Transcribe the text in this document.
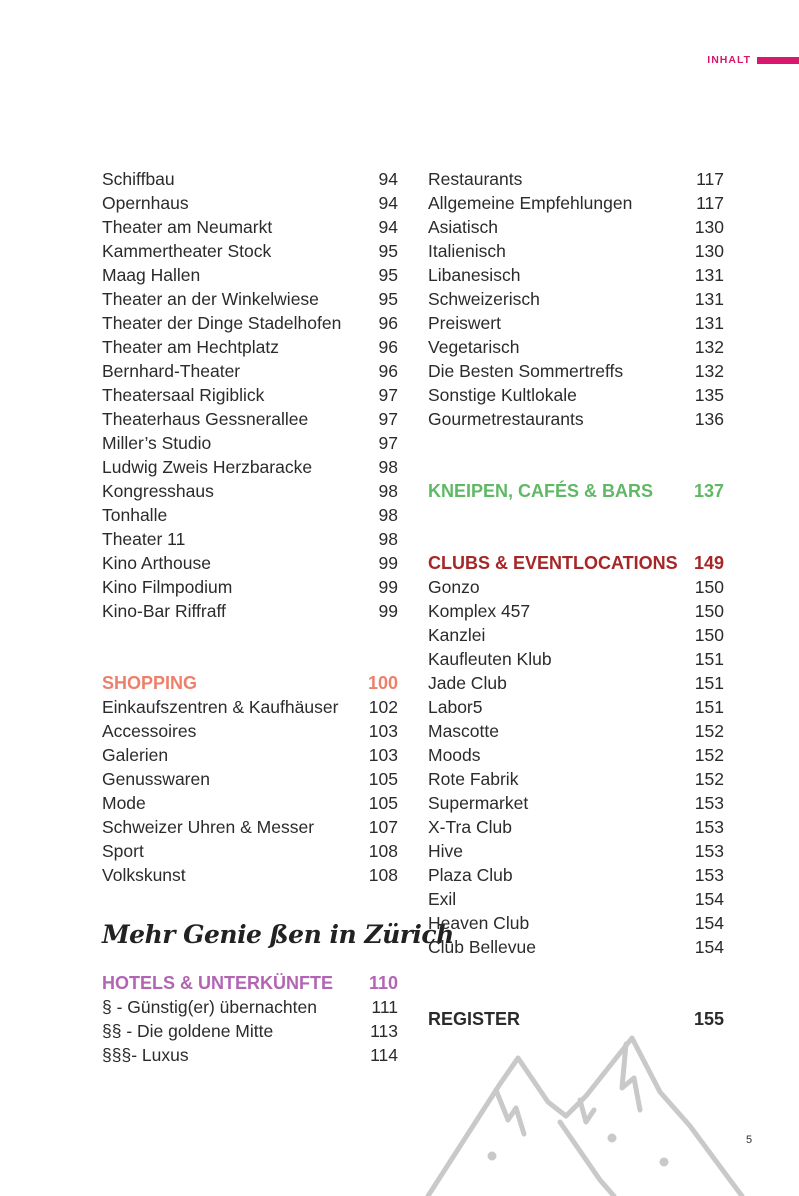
INHALT
Schiffbau	94
Opernhaus	94
Theater am Neumarkt	94
Kammertheater Stock	95
Maag Hallen	95
Theater an der Winkelwiese	95
Theater der Dinge Stadelhofen 96
Theater am Hechtplatz	96
Bernhard-Theater	96
Theatersaal Rigiblick	97
Theaterhaus Gessnerallee	97
Miller’s Studio	97
Ludwig Zweis Herzbaracke	98
Kongresshaus	98
Tonhalle	98
Theater 11	98
Kino Arthouse	99
Kino Filmpodium	99
Kino-Bar Riffraff	99
SHOPPING	100
Einkaufszentren & Kaufhäuser 102
Accessoires	103
Galerien	103
Genusswaren	105
Mode	105
Schweizer Uhren & Messer	107
Sport	108
Volkskunst	108
Mehr Genie ßen in Zürich
HOTELS & UNTERKÜNFTE 110
§ - Günstig(er) übernachten	111
§§ - Die goldene Mitte	113
§§§- Luxus	114
Restaurants	117
Allgemeine Empfehlungen	117
Asiatisch	130
Italienisch	130
Libanesisch	131
Schweizerisch	131
Preiswert	131
Vegetarisch	132
Die Besten Sommertreffs	132
Sonstige Kultlokale	135
Gourmetrestaurants	136
KNEIPEN, CAFÉS & BARS 137
CLUBS & EVENTLOCATIONS 149
Gonzo	150
Komplex 457	150
Kanzlei	150
Kaufleuten Klub	151
Jade Club	151
Labor5	151
Mascotte	152
Moods	152
Rote Fabrik	152
Supermarket	153
X-Tra Club	153
Hive	153
Plaza Club	153
Exil	154
Heaven Club	154
Club Bellevue	154
REGISTER	155
5
